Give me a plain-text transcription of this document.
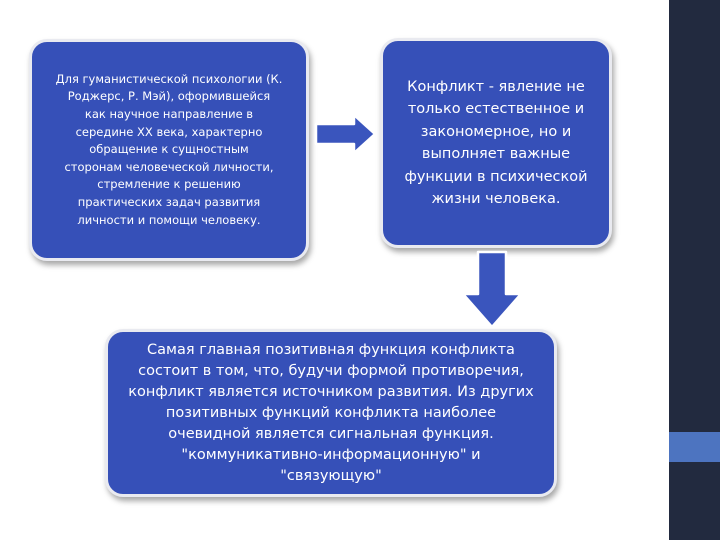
Для гуманистической психологии (К.
Роджерс, Р. Мэй), оформившейся
как научное направление в
середине XX века, характерно
обращение к сущностным
сторонам человеческой личности,
стремление к решению
практических задач развития
личности и помощи человеку.
Конфликт - явление не
только естественное и
закономерное, но и
выполняет важные
функции в психической
жизни человека.
Самая главная позитивная функция конфликта
состоит в том, что, будучи формой противоречия,
конфликт является источником развития. Из других
позитивных функций конфликта наиболее
очевидной является сигнальная функция.
"коммуникативно-информационную" и
"связующую"
